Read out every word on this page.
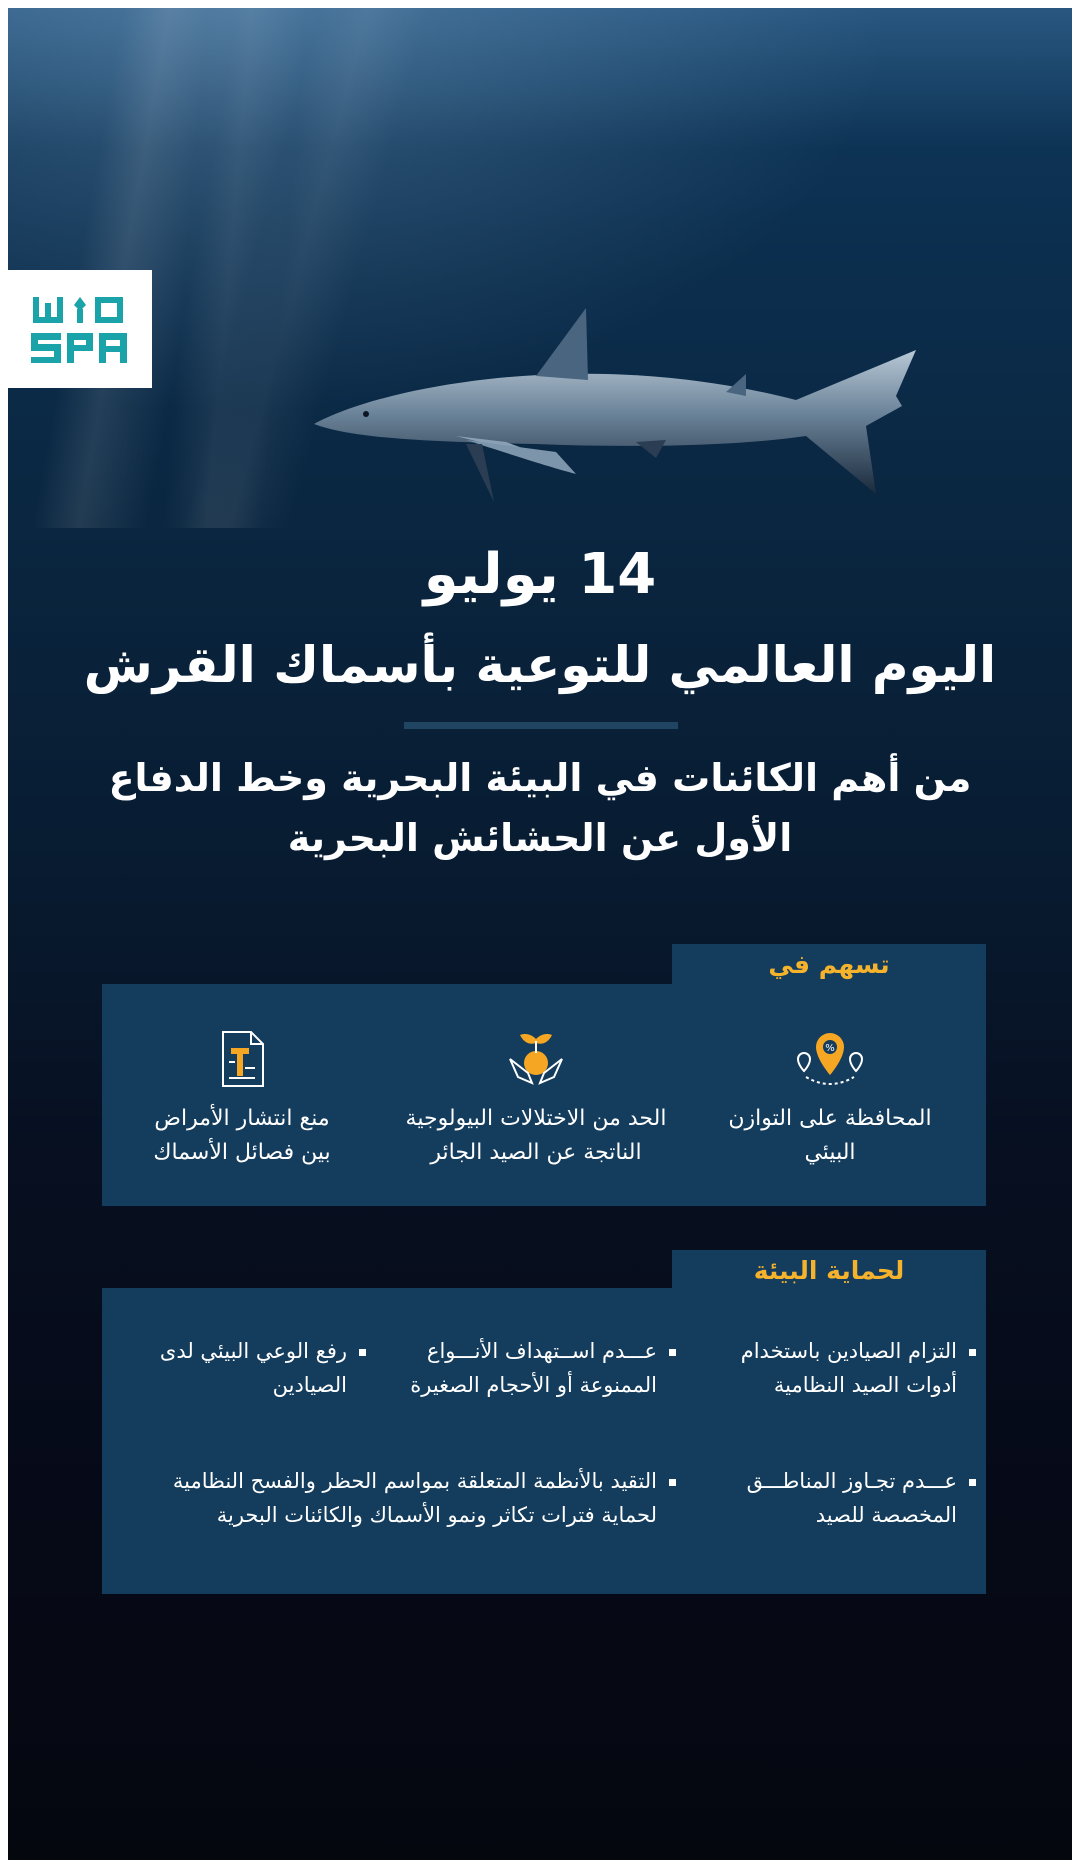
14 يوليو
اليوم العالمي للتوعية بأسماك القرش
من أهم الكائنات في البيئة البحرية وخط الدفاع
الأول عن الحشائش البحرية
تسهم في
%
المحافظة على التوازن
البيئي
الحد من الاختلالات البيولوجية
الناتجة عن الصيد الجائر
منع انتشار الأمراض
بين فصائل الأسماك
لحماية البيئة
التزام الصيادين باستخدام
أدوات الصيد النظامية
عـــدم اســتهداف الأنـــواع
الممنوعة أو الأحجام الصغيرة
رفع الوعي البيئي لدى
الصيادين
عـــدم تجـاوز المناطـــق
المخصصة للصيد
التقيد بالأنظمة المتعلقة بمواسم الحظر والفسح النظامية
لحماية فترات تكاثر ونمو الأسماك والكائنات البحرية
